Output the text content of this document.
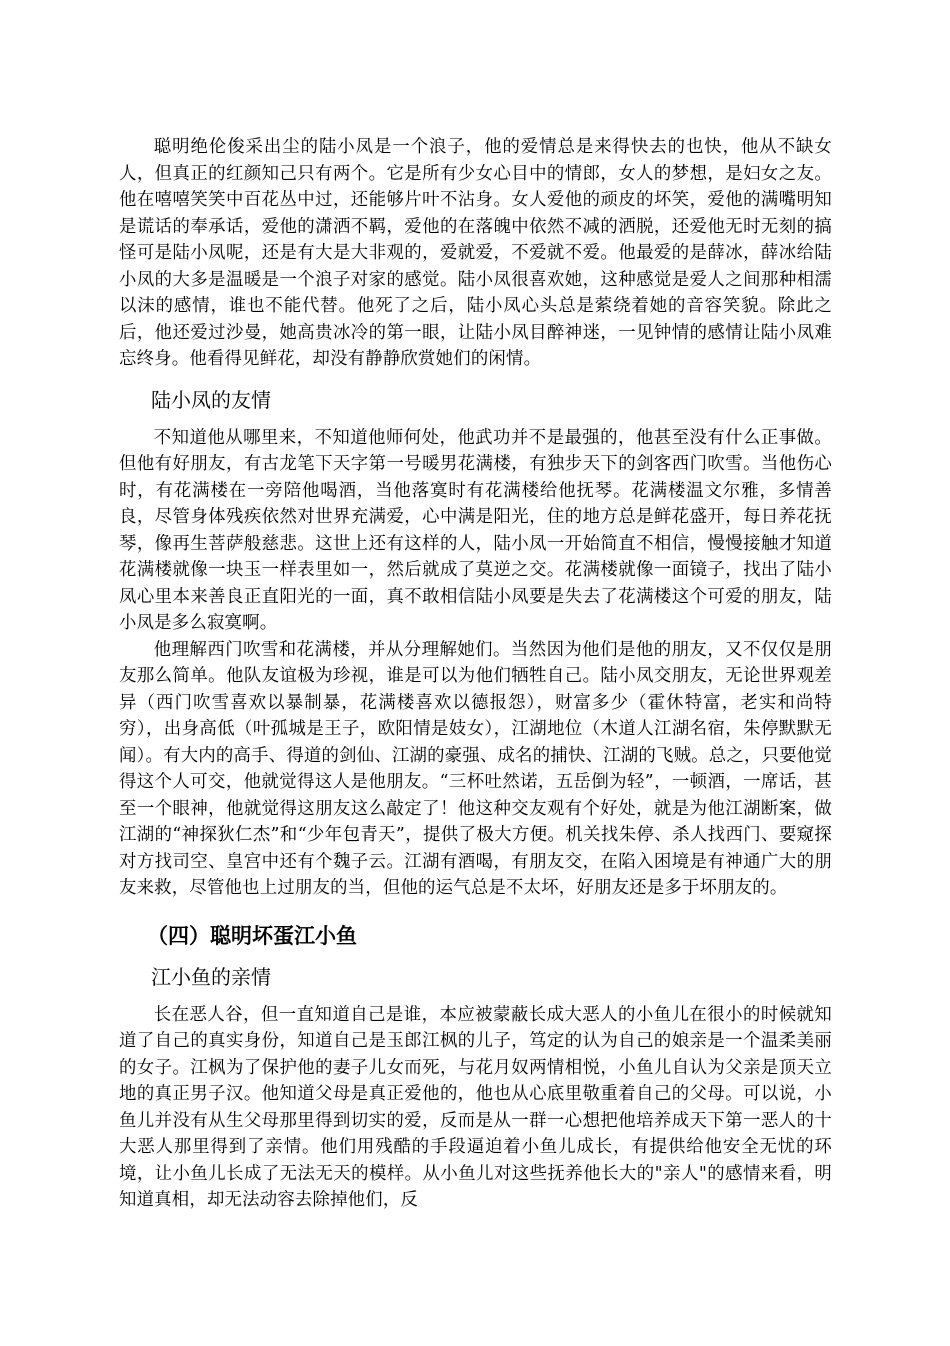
聪明绝伦俊采出尘的陆小凤是一个浪子，他的爱情总是来得快去的也快，他从不缺女人，但真正的红颜知己只有两个。它是所有少女心目中的情郎，女人的梦想，是妇女之友。他在嘻嘻笑笑中百花丛中过，还能够片叶不沾身。女人爱他的顽皮的坏笑，爱他的满嘴明知是谎话的奉承话，爱他的潇洒不羁，爱他的在落魄中依然不减的洒脱，还爱他无时无刻的搞怪可是陆小凤呢，还是有大是大非观的，爱就爱，不爱就不爱。他最爱的是薛冰，薛冰给陆小凤的大多是温暖是一个浪子对家的感觉。陆小凤很喜欢她，这种感觉是爱人之间那种相濡以沫的感情，谁也不能代替。他死了之后，陆小凤心头总是萦绕着她的音容笑貌。除此之后，他还爱过沙曼，她高贵冰冷的第一眼，让陆小凤目醉神迷，一见钟情的感情让陆小凤难忘终身。他看得见鲜花，却没有静静欣赏她们的闲情。

陆小凤的友情

不知道他从哪里来，不知道他师何处，他武功并不是最强的，他甚至没有什么正事做。但他有好朋友，有古龙笔下天字第一号暖男花满楼，有独步天下的剑客西门吹雪。当他伤心时，有花满楼在一旁陪他喝酒，当他落寞时有花满楼给他抚琴。花满楼温文尔雅，多情善良，尽管身体残疾依然对世界充满爱，心中满是阳光，住的地方总是鲜花盛开，每日养花抚琴，像再生菩萨般慈悲。这世上还有这样的人，陆小凤一开始简直不相信，慢慢接触才知道花满楼就像一块玉一样表里如一，然后就成了莫逆之交。花满楼就像一面镜子，找出了陆小凤心里本来善良正直阳光的一面，真不敢相信陆小凤要是失去了花满楼这个可爱的朋友，陆小凤是多么寂寞啊。

他理解西门吹雪和花满楼，并从分理解她们。当然因为他们是他的朋友，又不仅仅是朋友那么简单。他队友谊极为珍视，谁是可以为他们牺牲自己。陆小凤交朋友，无论世界观差异（西门吹雪喜欢以暴制暴，花满楼喜欢以德报怨），财富多少（霍休特富，老实和尚特穷），出身高低（叶孤城是王子，欧阳情是妓女），江湖地位（木道人江湖名宿，朱停默默无闻）。有大内的高手、得道的剑仙、江湖的豪强、成名的捕快、江湖的飞贼。总之，只要他觉得这个人可交，他就觉得这人是他朋友。“三杯吐然诺，五岳倒为轻”，一顿酒，一席话，甚至一个眼神，他就觉得这朋友这么敲定了！他这种交友观有个好处，就是为他江湖断案，做江湖的“神探狄仁杰”和“少年包青天”，提供了极大方便。机关找朱停、杀人找西门、要窥探对方找司空、皇宫中还有个魏子云。江湖有酒喝，有朋友交，在陷入困境是有神通广大的朋友来救，尽管他也上过朋友的当，但他的运气总是不太坏，好朋友还是多于坏朋友的。

（四）聪明坏蛋江小鱼
江小鱼的亲情

长在恶人谷，但一直知道自己是谁，本应被蒙蔽长成大恶人的小鱼儿在很小的时候就知道了自己的真实身份，知道自己是玉郎江枫的儿子，笃定的认为自己的娘亲是一个温柔美丽的女子。江枫为了保护他的妻子儿女而死，与花月奴两情相悦，小鱼儿自认为父亲是顶天立地的真正男子汉。他知道父母是真正爱他的，他也从心底里敬重着自己的父母。可以说，小鱼儿并没有从生父母那里得到切实的爱，反而是从一群一心想把他培养成天下第一恶人的十大恶人那里得到了亲情。他们用残酷的手段逼迫着小鱼儿成长，有提供给他安全无忧的环境，让小鱼儿长成了无法无天的模样。从小鱼儿对这些抚养他长大的"亲人"的感情来看，明知道真相，却无法动容去除掉他们，反
